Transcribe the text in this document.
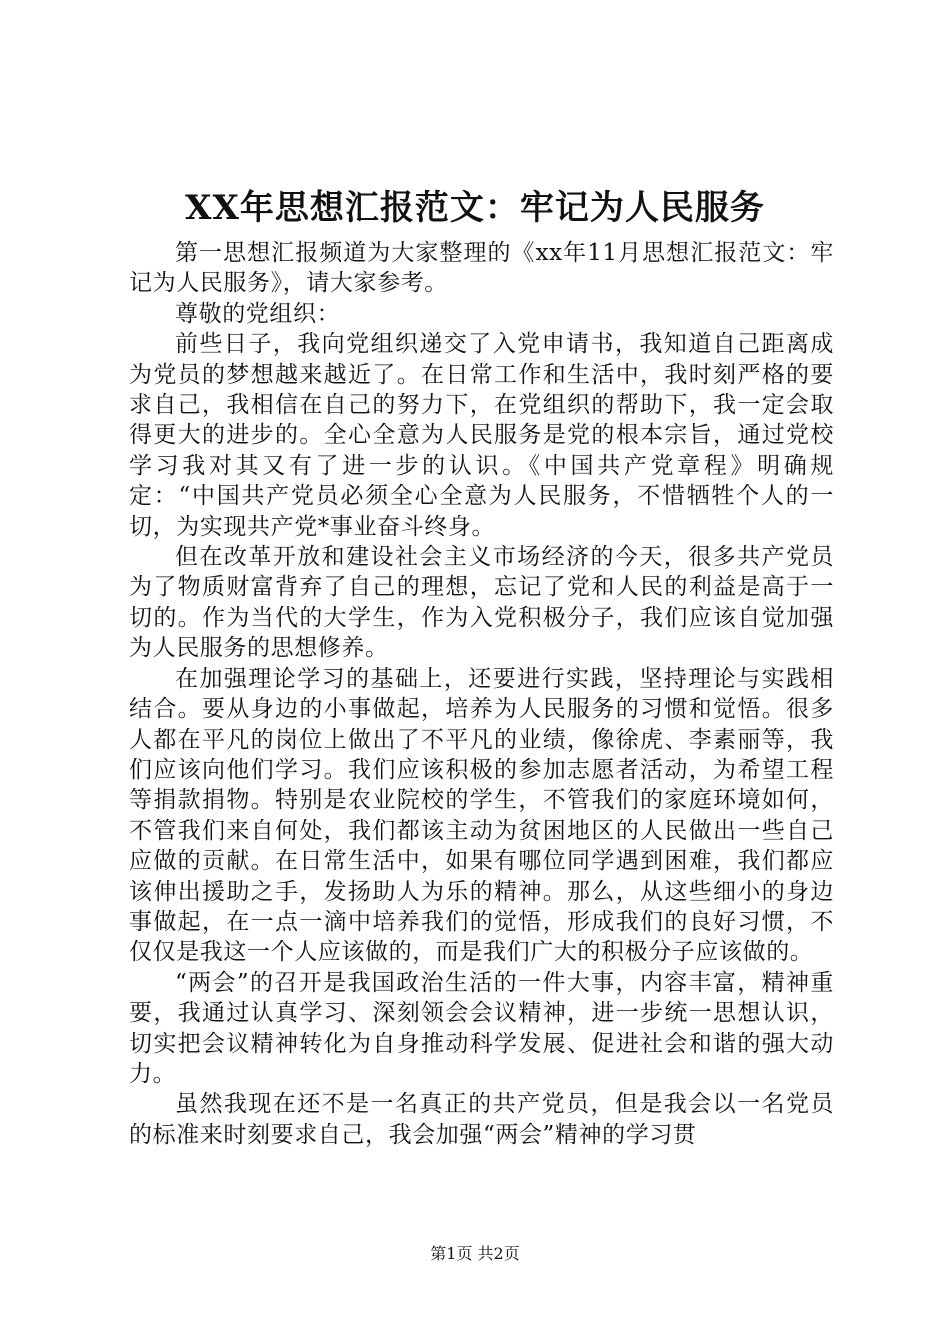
XX年思想汇报范文：牢记为人民服务

第一思想汇报频道为大家整理的《xx年11月思想汇报范文：牢记为人民服务》，请大家参考。

尊敬的党组织：

前些日子，我向党组织递交了入党申请书，我知道自己距离成为党员的梦想越来越近了。在日常工作和生活中，我时刻严格的要求自己，我相信在自己的努力下，在党组织的帮助下，我一定会取得更大的进步的。全心全意为人民服务是党的根本宗旨，通过党校学习我对其又有了进一步的认识。《中国共产党章程》明确规定：“中国共产党员必须全心全意为人民服务，不惜牺牲个人的一切，为实现共产党*事业奋斗终身。

但在改革开放和建设社会主义市场经济的今天，很多共产党员为了物质财富背弃了自己的理想，忘记了党和人民的利益是高于一切的。作为当代的大学生，作为入党积极分子，我们应该自觉加强为人民服务的思想修养。

在加强理论学习的基础上，还要进行实践，坚持理论与实践相结合。要从身边的小事做起，培养为人民服务的习惯和觉悟。很多人都在平凡的岗位上做出了不平凡的业绩，像徐虎、李素丽等，我们应该向他们学习。我们应该积极的参加志愿者活动，为希望工程等捐款捐物。特别是农业院校的学生，不管我们的家庭环境如何，不管我们来自何处，我们都该主动为贫困地区的人民做出一些自己应做的贡献。在日常生活中，如果有哪位同学遇到困难，我们都应该伸出援助之手，发扬助人为乐的精神。那么，从这些细小的身边事做起，在一点一滴中培养我们的觉悟，形成我们的良好习惯，不仅仅是我这一个人应该做的，而是我们广大的积极分子应该做的。

“两会”的召开是我国政治生活的一件大事，内容丰富，精神重要，我通过认真学习、深刻领会会议精神，进一步统一思想认识，切实把会议精神转化为自身推动科学发展、促进社会和谐的强大动力。

虽然我现在还不是一名真正的共产党员，但是我会以一名党员的标准来时刻要求自己，我会加强“两会”精神的学习贯

第1页 共2页
